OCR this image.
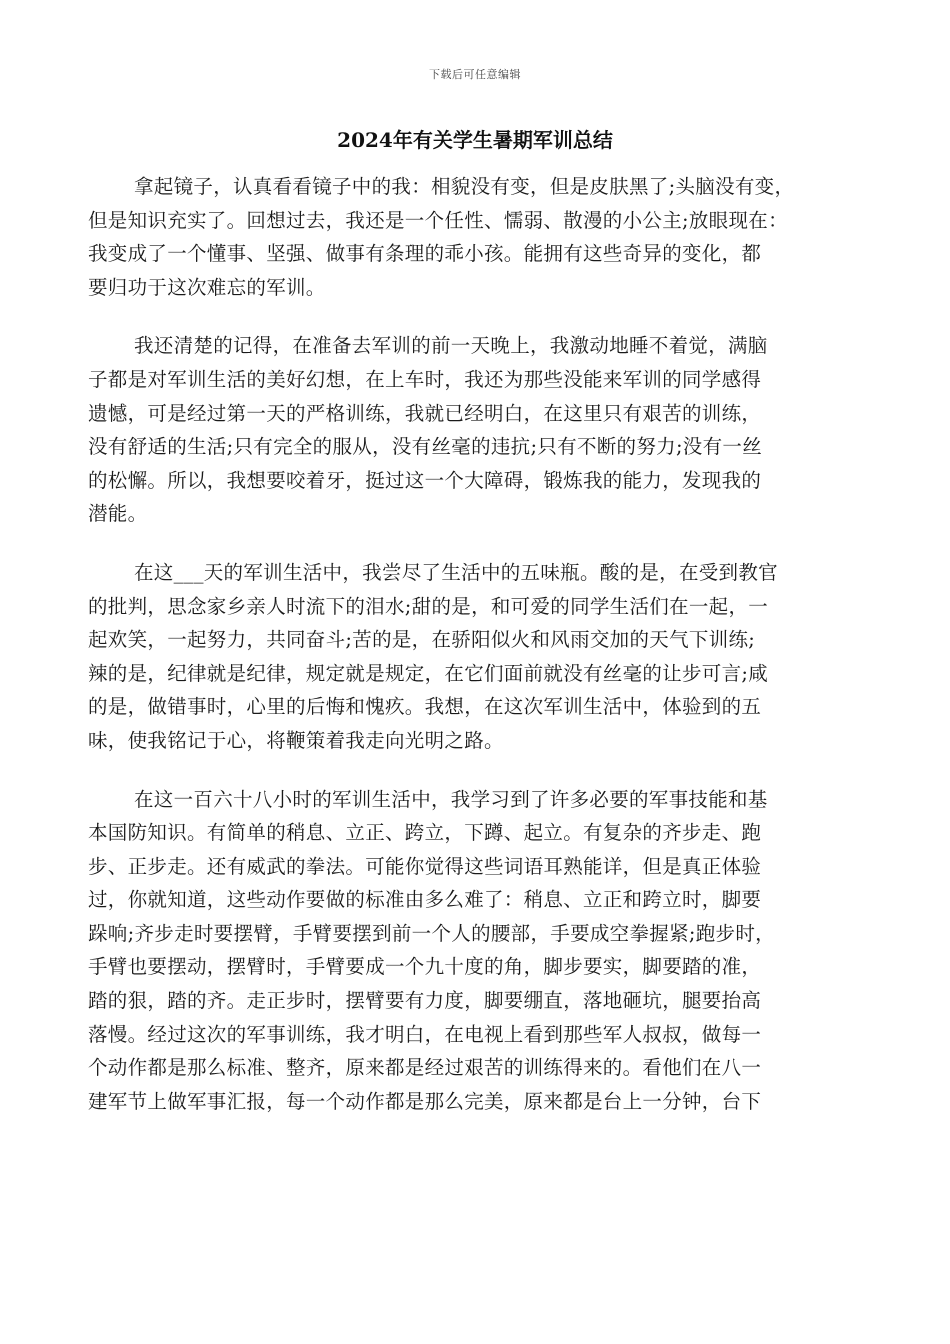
下载后可任意编辑
2024年有关学生暑期军训总结
拿起镜子，认真看看镜子中的我：相貌没有变，但是皮肤黑了;头脑没有变，
但是知识充实了。回想过去，我还是一个任性、懦弱、散漫的小公主;放眼现在：
我变成了一个懂事、坚强、做事有条理的乖小孩。能拥有这些奇异的变化，都
要归功于这次难忘的军训。
我还清楚的记得，在准备去军训的前一天晚上，我激动地睡不着觉，满脑
子都是对军训生活的美好幻想，在上车时，我还为那些没能来军训的同学感得
遗憾，可是经过第一天的严格训练，我就已经明白，在这里只有艰苦的训练，
没有舒适的生活;只有完全的服从，没有丝毫的违抗;只有不断的努力;没有一丝
的松懈。所以，我想要咬着牙，挺过这一个大障碍，锻炼我的能力，发现我的
潜能。
在这___天的军训生活中，我尝尽了生活中的五味瓶。酸的是，在受到教官
的批判，思念家乡亲人时流下的泪水;甜的是，和可爱的同学生活们在一起，一
起欢笑，一起努力，共同奋斗;苦的是，在骄阳似火和风雨交加的天气下训练;
辣的是，纪律就是纪律，规定就是规定，在它们面前就没有丝毫的让步可言;咸
的是，做错事时，心里的后悔和愧疚。我想，在这次军训生活中，体验到的五
味，使我铭记于心，将鞭策着我走向光明之路。
在这一百六十八小时的军训生活中，我学习到了许多必要的军事技能和基
本国防知识。有简单的稍息、立正、跨立，下蹲、起立。有复杂的齐步走、跑
步、正步走。还有威武的拳法。可能你觉得这些词语耳熟能详，但是真正体验
过，你就知道，这些动作要做的标准由多么难了：稍息、立正和跨立时，脚要
跺响;齐步走时要摆臂，手臂要摆到前一个人的腰部，手要成空拳握紧;跑步时，
手臂也要摆动，摆臂时，手臂要成一个九十度的角，脚步要实，脚要踏的准，
踏的狠，踏的齐。走正步时，摆臂要有力度，脚要绷直，落地砸坑，腿要抬高
落慢。经过这次的军事训练，我才明白，在电视上看到那些军人叔叔，做每一
个动作都是那么标准、整齐，原来都是经过艰苦的训练得来的。看他们在八一
建军节上做军事汇报，每一个动作都是那么完美，原来都是台上一分钟，台下
